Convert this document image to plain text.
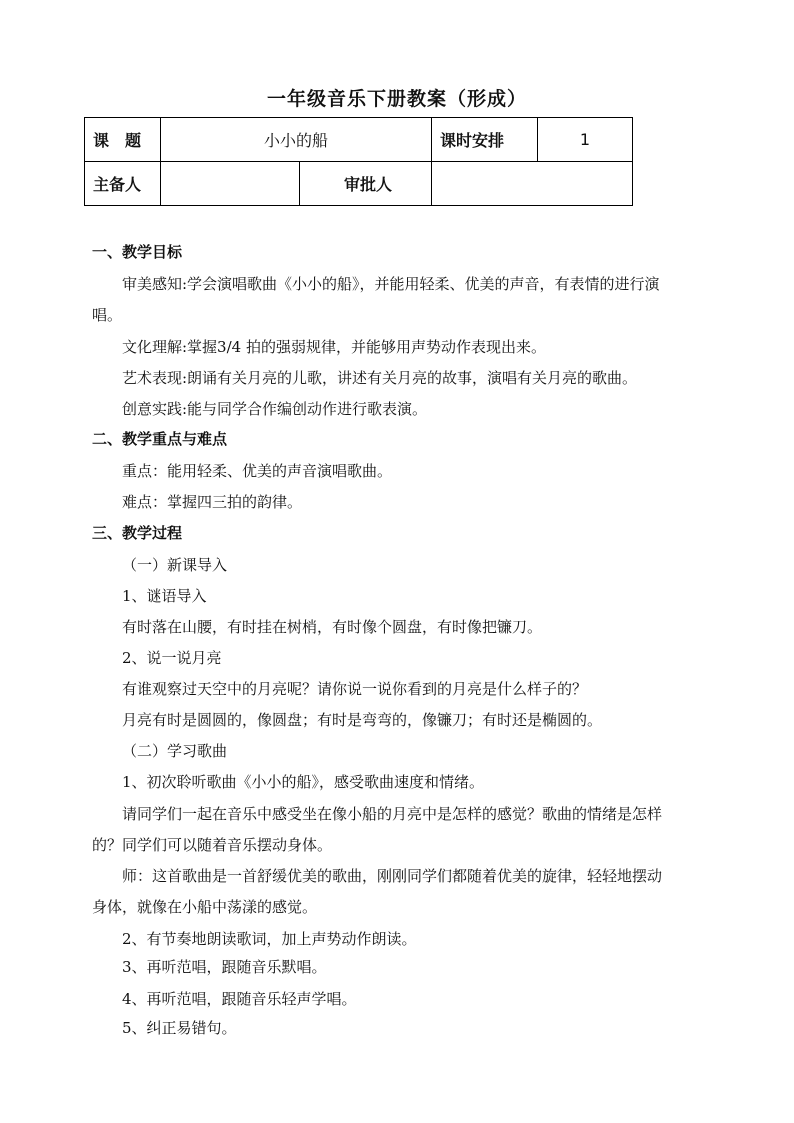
一年级音乐下册教案（形成）
课　题	小小的船		课时安排	1
主备人		审批人		
一、教学目标
审美感知:学会演唱歌曲《小小的船》，并能用轻柔、优美的声音，有表情的进行演
唱。
文化理解:掌握3/4 拍的强弱规律，并能够用声势动作表现出来。
艺术表现:朗诵有关月亮的儿歌，讲述有关月亮的故事，演唱有关月亮的歌曲。
创意实践:能与同学合作编创动作进行歌表演。
二、教学重点与难点
重点：能用轻柔、优美的声音演唱歌曲。
难点：掌握四三拍的韵律。
三、教学过程
（一）新课导入
1、谜语导入
有时落在山腰，有时挂在树梢，有时像个圆盘，有时像把镰刀。
2、说一说月亮
有谁观察过天空中的月亮呢？请你说一说你看到的月亮是什么样子的？
月亮有时是圆圆的，像圆盘；有时是弯弯的，像镰刀；有时还是椭圆的。
（二）学习歌曲
1、初次聆听歌曲《小小的船》，感受歌曲速度和情绪。
请同学们一起在音乐中感受坐在像小船的月亮中是怎样的感觉？歌曲的情绪是怎样
的？同学们可以随着音乐摆动身体。
师：这首歌曲是一首舒缓优美的歌曲，刚刚同学们都随着优美的旋律，轻轻地摆动
身体，就像在小船中荡漾的感觉。
2、有节奏地朗读歌词，加上声势动作朗读。
3、再听范唱，跟随音乐默唱。
4、再听范唱，跟随音乐轻声学唱。
5、纠正易错句。
